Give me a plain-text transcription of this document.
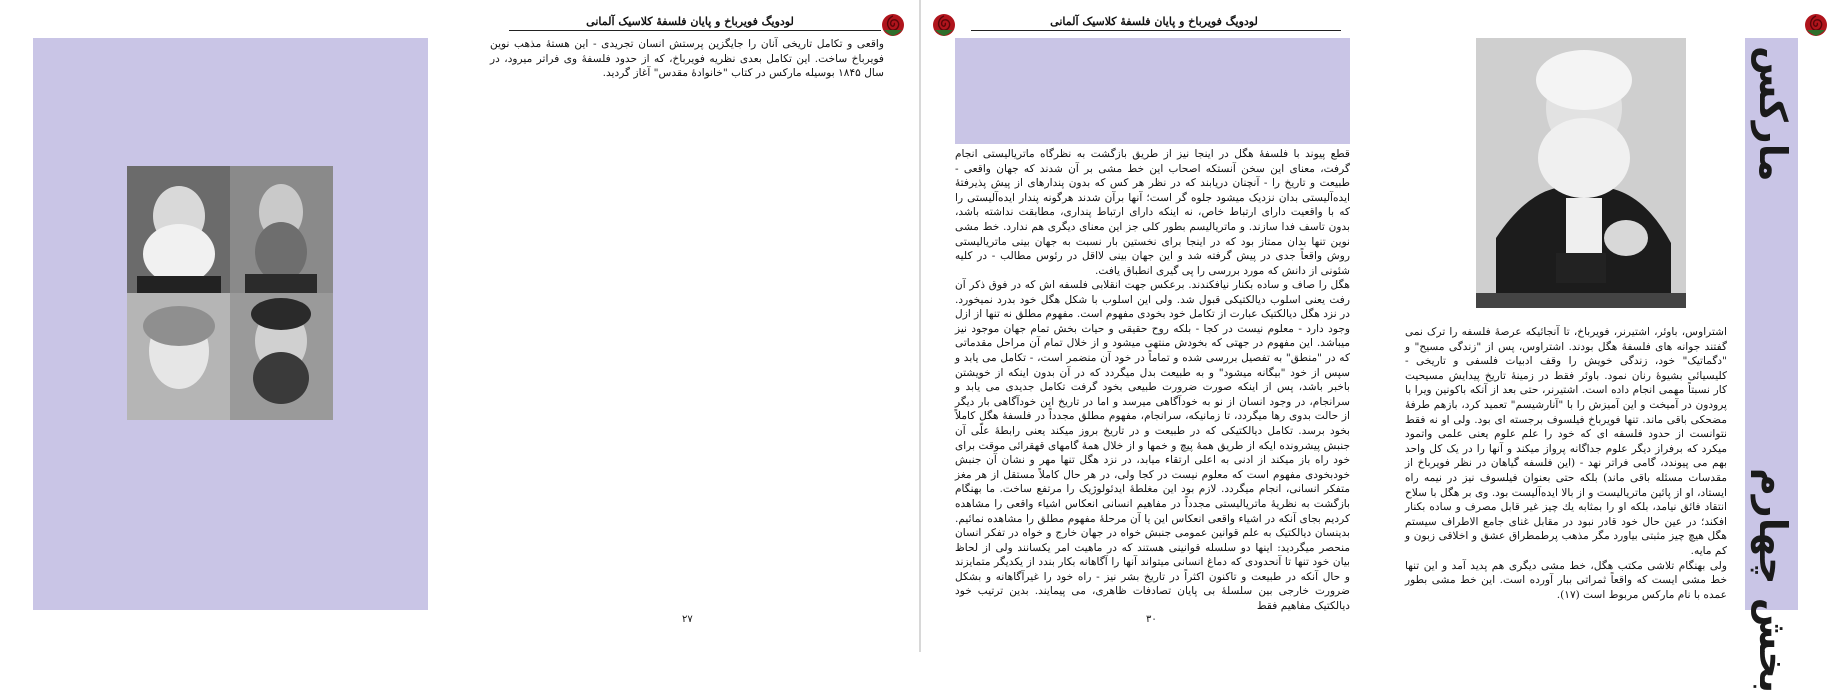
لودویگ فویرباخ و پایان فلسفهٔ کلاسیک آلمانی
واقعی و تکامل تاریخی آنان را جایگزین پرستش انسان تجریدی - این هسته‌ٔ مذهب نوین فویرباخ ساخت. این تکامل بعدی نظریه فویرباخ، که از حدود فلسفهٔ وی فراتر میرود، در سال ۱۸۴۵ بوسیله مارکس در کتاب "خانوادهٔ مقدس" آغاز گردید.
۲۷
لودویگ فویرباخ و پایان فلسفهٔ کلاسیک آلمانی
قطع پیوند با فلسفهٔ هگل در اینجا نیز از طریق بازگشت به نظرگاه ماتریالیستی انجام گرفت، معنای این سخن آنستکه اصحاب این خط مشی بر آن شدند که جهان واقعی - طبیعت و تاریخ را - آنچنان دریابند که در نظر هر کس که بدون پندارهای از پیش پذیرفتهٔ ایده‌آلیستی بدان نزدیک میشود جلوه گر است؛ آنها برآن شدند هرگونه پندار ایده‌آلیستی را که با واقعیت دارای ارتباط خاص، نه اینکه دارای ارتباط پنداری، مطابقت نداشته باشد، بدون تاسف فدا سازند. و ماتریالیسم بطور کلی جز این معنای دیگری هم ندارد. خط مشی نوین تنها بدان ممتاز بود که در اینجا برای نخستین بار نسبت به جهان بینی ماتریالیستی روش واقعاً جدی در پیش گرفته شد و این جهان بینی لااقل در رئوس مطالب - در کلیه شئونی از دانش که مورد بررسی را پی گیری انطباق یافت.
هگل را صاف و ساده بکنار نیافکندند. برعکس جهت انقلابی فلسفه اش که در فوق ذکر آن رفت یعنی اسلوب دیالکتیکی قبول شد. ولی این اسلوب با شکل هگل خود بدرد نمیخورد. در نزد هگل دیالکتیک عبارت از تکامل خود بخودی مفهوم است. مفهوم مطلق نه تنها از ازل وجود دارد - معلوم نیست در کجا - بلکه روح حقیقی و حیات بخش تمام جهان موجود نیز میباشد. این مفهوم در جهتی که بخودش منتهی میشود و از خلال تمام آن مراحل مقدماتی که در "منطق" به تفصیل بررسی شده و تماماً در خود آن منضمر است، - تکامل می یابد و سپس از خود "بیگانه میشود" و به طبیعت بدل میگردد که در آن بدون اینکه از خویشتن باخبر باشد، پس از اینکه صورت ضرورت طبیعی بخود گرفت تکامل جدیدی می یابد و سرانجام، در وجود انسان از نو به خودآگاهی میرسد و اما در تاریخ این خودآگاهی بار دیگر از حالت بدوی رها میگردد، تا زمانیکه، سرانجام، مفهوم مطلق مجدداً در فلسفهٔ هگل کاملاً بخود برسد. تکامل دیالکتیکی که در طبیعت و در تاریخ بروز میکند یعنی رابطهٔ علّی آن جنبش پیشرونده ایکه از طریق همهٔ پیچ و خمها و از خلال همهٔ گامهای قهقرائی موقت برای خود راه باز میکند از ادنی به اعلی ارتقاء میابد، در نزد هگل تنها مهر و نشان آن جنبش خودبخودی مفهوم است که معلوم نیست در کجا ولی، در هر حال کاملاً مستقل از هر مغز متفکر انسانی، انجام میگردد. لازم بود این مغلطهٔ ایدئولوژیک را مرتفع ساخت. ما بهنگام بازگشت به نظریهٔ ماتریالیستی مجدداً در مفاهیم انسانی انعکاس اشیاء واقعی را مشاهده کردیم بجای آنکه در اشیاء واقعی انعکاس این یا آن مرحلهٔ مفهوم مطلق را مشاهده نمائیم. بدینسان دیالکتیک به علم قوانین عمومی جنبش خواه در جهان خارج و خواه در تفکر انسان منحصر میگردید: اینها دو سلسله قوانینی هستند که در ماهیت امر یکسانند ولی از لحاظ بیان خود تنها تا آنحدودی که دماغ انسانی میتواند آنها را آگاهانه بکار بندد از یکدیگر متمایزند و حال آنکه در طبیعت و تاکنون اکثراً در تاریخ بشر نیز - راه خود را غیرآگاهانه و بشکل ضرورت خارجی بین سلسلهٔ بی پایان تصادفات ظاهری، می پیمایند. بدین ترتیب خود دیالکتیک مفاهیم فقط
۳۰
مارکس
بخش چهارم
اشتراوس، باوئر، اشتیرنر، فویرباخ، تا آنجائیکه عرصهٔ فلسفه را ترک نمی گفتند جوانه های فلسفهٔ هگل بودند. اشتراوس، پس از "زندگی مسیح" و "دگماتیک" خود، زندگی خویش را وقف ادبیات فلسفی و تاریخی - کلیسیائی بشیوهٔ رنان نمود. باوئر فقط در زمینه‌ٔ تاریخ پیدایش مسیحیت کار نسبتاً مهمی انجام داده است. اشتیرنر، حتی بعد از آنکه باکونین ویرا با پرودون در آمیخت و این آمیزش را با "آنارشیسم" تعمید کرد، بازهم طرفهٔ مضحکی باقی ماند. تنها فویرباخ فیلسوف برجسته ای بود. ولی او نه فقط نتوانست از حدود فلسفه ای که خود را علم علوم یعنی علمی واتمود میکرد که برفراز دیگر علوم جداگانه پرواز میکند و آنها را در یک کل واحد بهم می پیوندد، گامی فراتر نهد - (این فلسفه گیاهان در نظر فویرباخ از مقدسات مسئله باقی ماند) بلکه حتی بعنوان فیلسوف نیز در نیمه راه ایستاد، او از پائین ماتریالیست و از بالا ایده‌آلیست بود. وی بر هگل با سلاح انتقاد فائق نیامد، بلکه او را بمثابه یك چیز غیر قابل مصرف و ساده بکنار افکند؛ در عین حال خود قادر نبود در مقابل غنای جامع الاطراف سیستم هگل هیچ چیز مثبتی بیاورد مگر مذهب پرطمطراق عشق و اخلاقی زبون و کم مایه.
ولی بهنگام تلاشی مکتب هگل، خط مشی دیگری هم پدید آمد و این تنها خط مشی ایست که واقعاً ثمراتی ببار آورده است. این خط مشی بطور عمده با نام مارکس مربوط است (۱۷).
